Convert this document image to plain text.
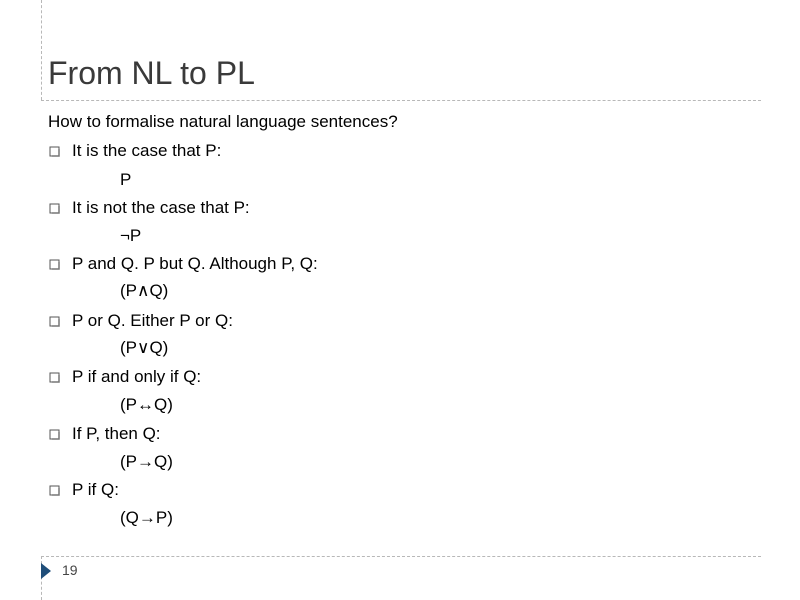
From NL to PL
How to formalise natural language sentences?
It is the case that P:
P
It is not the case that P:
¬P
P and Q. P but Q. Although P, Q:
(P∧Q)
P or Q. Either P or Q:
(P∨Q)
P if and only if Q:
(P↔Q)
If P, then Q:
(P→Q)
P if Q:
(Q→P)
19
